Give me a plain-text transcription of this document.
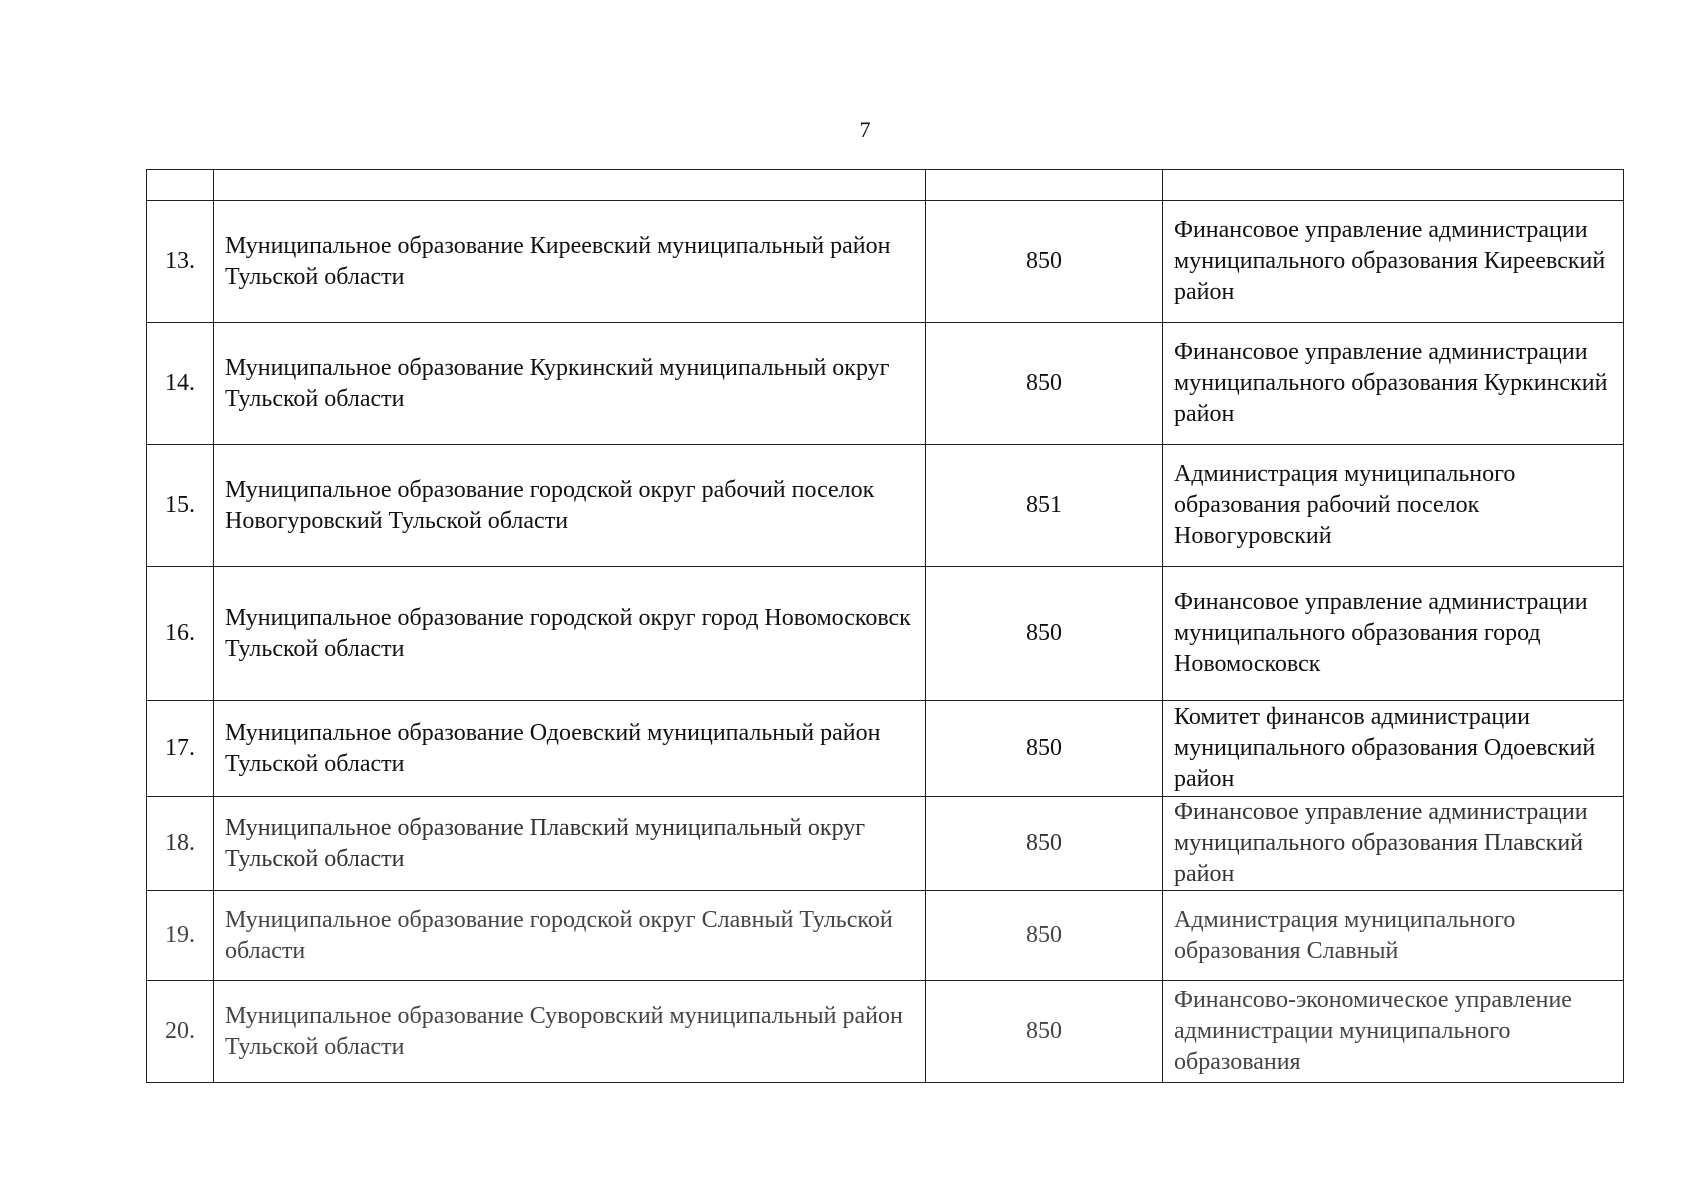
7

13.	Муниципальное образование Киреевский муниципальный район Тульской области	850	Финансовое управление администрации муниципального образования Киреевский район
14.	Муниципальное образование Куркинский муниципальный округ Тульской области	850	Финансовое управление администрации муниципального образования Куркинский район
15.	Муниципальное образование городской округ рабочий поселок Новогуровский Тульской области	851	Администрация муниципального образования рабочий поселок Новогуровский
16.	Муниципальное образование городской округ город Новомосковск Тульской области	850	Финансовое управление администрации муниципального образования город Новомосковск
17.	Муниципальное образование Одоевский муниципальный район Тульской области	850	Комитет финансов администрации муниципального образования Одоевский район
18.	Муниципальное образование Плавский муниципальный округ Тульской области	850	Финансовое управление администрации муниципального образования Плавский район
19.	Муниципальное образование городской округ Славный Тульской области	850	Администрация муниципального образования Славный
20.	Муниципальное образование Суворовский муниципальный район Тульской области	850	Финансово-экономическое управление администрации муниципального образования
